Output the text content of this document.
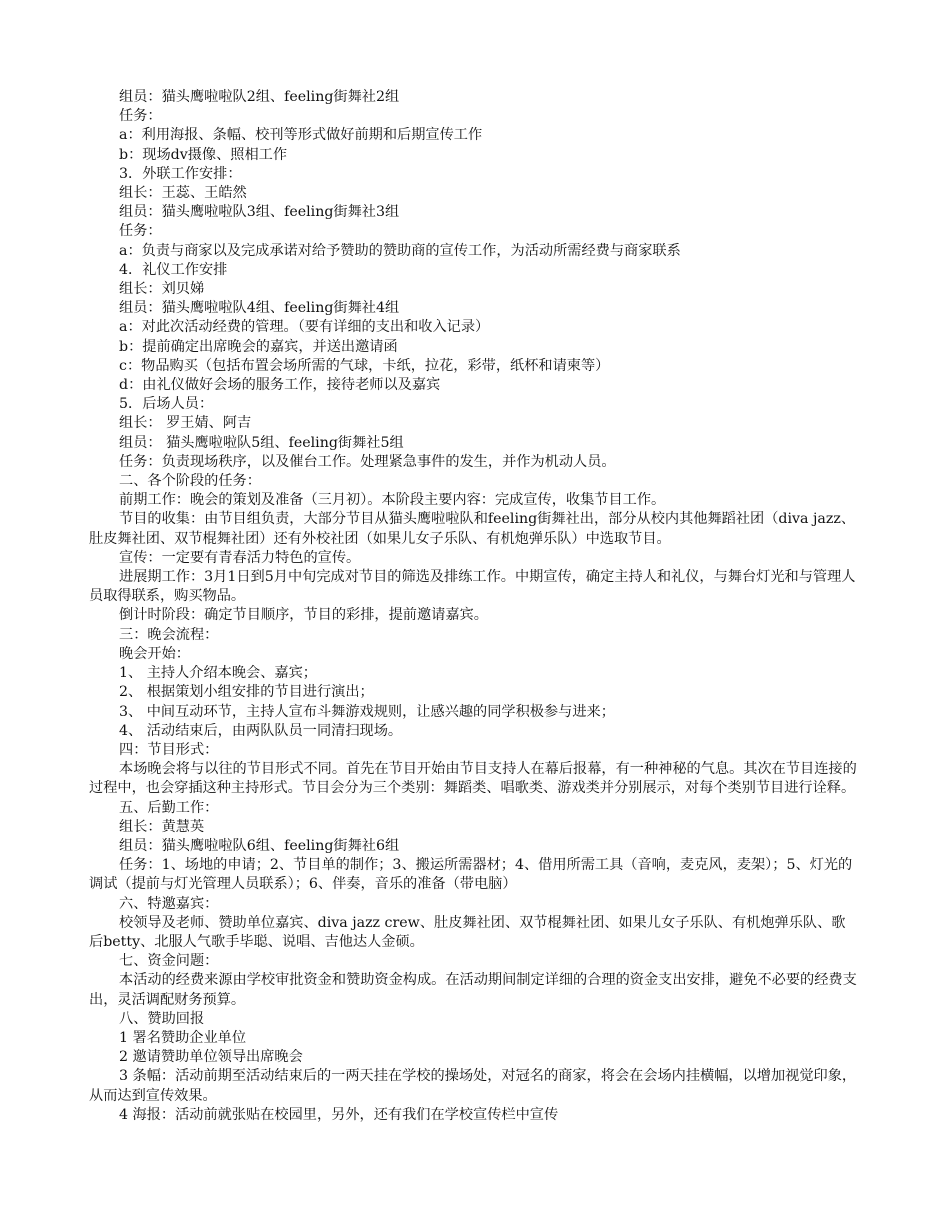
组员：猫头鹰啦啦队2组、feeling街舞社2组

任务：

a：利用海报、条幅、校刊等形式做好前期和后期宣传工作

b：现场dv摄像、照相工作

3．外联工作安排：

组长：王蕊、王皓然

组员：猫头鹰啦啦队3组、feeling街舞社3组

任务：

a：负责与商家以及完成承诺对给予赞助的赞助商的宣传工作，为活动所需经费与商家联系

4．礼仪工作安排

组长：刘贝娣

组员：猫头鹰啦啦队4组、feeling街舞社4组

a：对此次活动经费的管理。（要有详细的支出和收入记录）

b：提前确定出席晚会的嘉宾，并送出邀请函

c：物品购买（包括布置会场所需的气球，卡纸，拉花，彩带，纸杯和请柬等）

d：由礼仪做好会场的服务工作，接待老师以及嘉宾

5．后场人员：

组长： 罗王婧、阿吉

组员： 猫头鹰啦啦队5组、feeling街舞社5组

任务：负责现场秩序，以及催台工作。处理紧急事件的发生，并作为机动人员。

二、各个阶段的任务：

前期工作：晚会的策划及准备（三月初）。本阶段主要内容：完成宣传，收集节目工作。

节目的收集：由节目组负责，大部分节目从猫头鹰啦啦队和feeling街舞社出，部分从校内其他舞蹈社团（diva jazz、肚皮舞社团、双节棍舞社团）还有外校社团（如果儿女子乐队、有机炮弹乐队）中选取节目。

宣传：一定要有青春活力特色的宣传。

进展期工作：3月1日到5月中旬完成对节目的筛选及排练工作。中期宣传，确定主持人和礼仪，与舞台灯光和与管理人员取得联系，购买物品。

倒计时阶段：确定节目顺序，节目的彩排，提前邀请嘉宾。

三：晚会流程：

晚会开始：

1、 主持人介绍本晚会、嘉宾；

2、 根据策划小组安排的节目进行演出；

3、 中间互动环节，主持人宣布斗舞游戏规则，让感兴趣的同学积极参与进来；

4、 活动结束后，由两队队员一同清扫现场。

四：节目形式：

本场晚会将与以往的节目形式不同。首先在节目开始由节目支持人在幕后报幕，有一种神秘的气息。其次在节目连接的过程中，也会穿插这种主持形式。节目会分为三个类别：舞蹈类、唱歌类、游戏类并分别展示，对每个类别节目进行诠释。

五、后勤工作：

组长：黄慧英

组员：猫头鹰啦啦队6组、feeling街舞社6组

任务：1、场地的申请；2、节目单的制作；3、搬运所需器材；4、借用所需工具（音响，麦克风，麦架）；5、灯光的调试（提前与灯光管理人员联系）；6、伴奏，音乐的准备（带电脑）

六、特邀嘉宾：

校领导及老师、赞助单位嘉宾、diva jazz crew、肚皮舞社团、双节棍舞社团、如果儿女子乐队、有机炮弹乐队、歌后betty、北服人气歌手毕聪、说唱、吉他达人金硕。

七、资金问题：

本活动的经费来源由学校审批资金和赞助资金构成。在活动期间制定详细的合理的资金支出安排，避免不必要的经费支出，灵活调配财务预算。

八、赞助回报

1 署名赞助企业单位

2 邀请赞助单位领导出席晚会

3 条幅：活动前期至活动结束后的一两天挂在学校的操场处，对冠名的商家，将会在会场内挂横幅，以增加视觉印象，从而达到宣传效果。

4 海报：活动前就张贴在校园里，另外，还有我们在学校宣传栏中宣传
